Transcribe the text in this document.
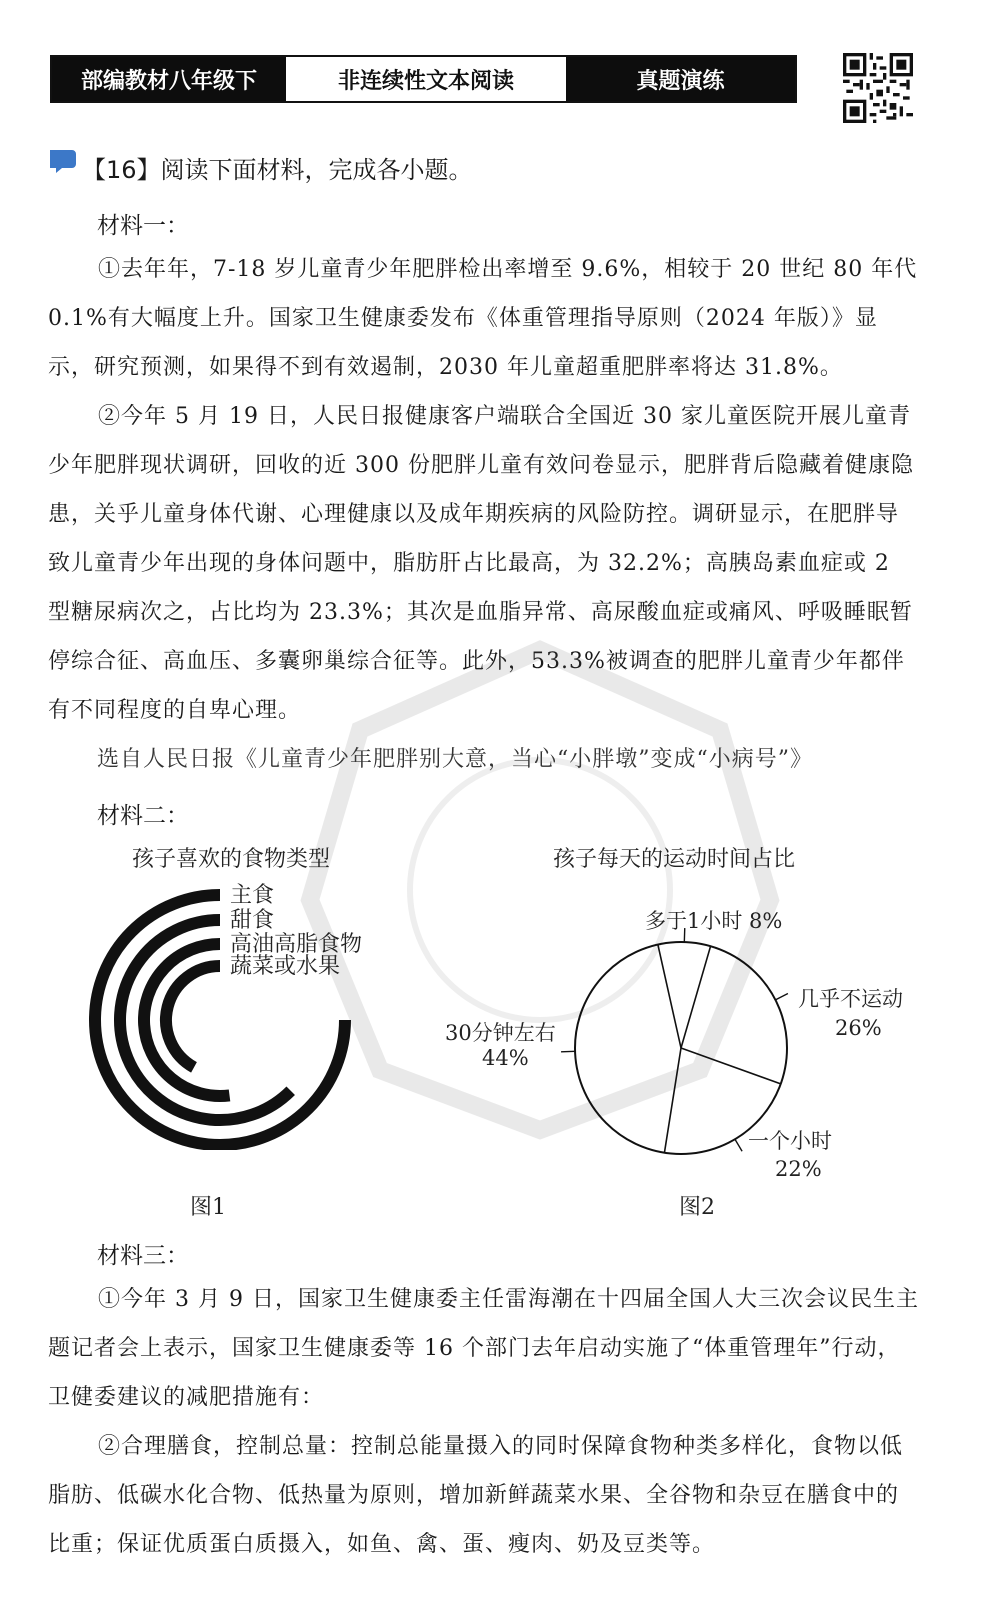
部编教材八年级下	非连续性文本阅读	真题演练
【16】阅读下面材料，完成各小题。
材料一：
①去年年，7-18 岁儿童青少年肥胖检出率增至 9.6%，相较于 20 世纪 80 年代 0.1%有大幅度上升。国家卫生健康委发布《体重管理指导原则（2024 年版）》显示，研究预测，如果得不到有效遏制，2030 年儿童超重肥胖率将达 31.8%。
②今年 5 月 19 日，人民日报健康客户端联合全国近 30 家儿童医院开展儿童青少年肥胖现状调研，回收的近 300 份肥胖儿童有效问卷显示，肥胖背后隐藏着健康隐患，关乎儿童身体代谢、心理健康以及成年期疾病的风险防控。调研显示，在肥胖导致儿童青少年出现的身体问题中，脂肪肝占比最高，为 32.2%；高胰岛素血症或 2 型糖尿病次之，占比均为 23.3%；其次是血脂异常、高尿酸血症或痛风、呼吸睡眠暂停综合征、高血压、多囊卵巢综合征等。此外，53.3%被调查的肥胖儿童青少年都伴有不同程度的自卑心理。
选自人民日报《儿童青少年肥胖别大意，当心“小胖墩”变成“小病号”》
材料二：
孩子喜欢的食物类型	孩子每天的运动时间占比
主食
甜食
高油高脂食物
蔬菜或水果
多于1小时 8%
几乎不运动
26%
一个小时
22%
30分钟左右
44%
图1	图2
材料三：
①今年 3 月 9 日，国家卫生健康委主任雷海潮在十四届全国人大三次会议民生主题记者会上表示，国家卫生健康委等 16 个部门去年启动实施了“体重管理年”行动，卫健委建议的减肥措施有：
②合理膳食，控制总量：控制总能量摄入的同时保障食物种类多样化，食物以低脂肪、低碳水化合物、低热量为原则，增加新鲜蔬菜水果、全谷物和杂豆在膳食中的比重；保证优质蛋白质摄入，如鱼、禽、蛋、瘦肉、奶及豆类等。
